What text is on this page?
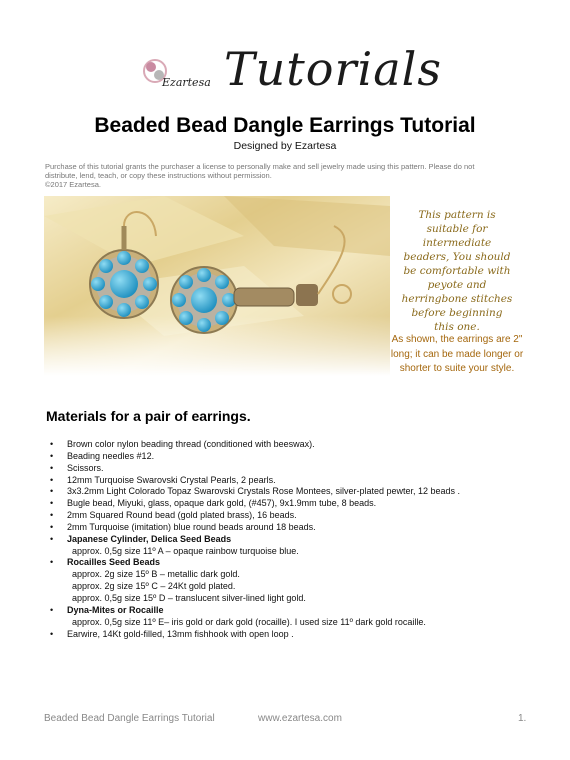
Ezartesa Tutorials
Beaded Bead Dangle Earrings Tutorial
Designed by Ezartesa
Purchase of this tutorial grants the purchaser a license to personally make and sell jewelry made using this pattern. Please do not
distribute, lend, teach, or copy these instructions without permission.
©2017 Ezartesa.
This pattern is
suitable for
intermediate
beaders, You should
be comfortable with
peyote and
herringbone stitches
before beginning
this one.
As shown, the earrings are 2"
long; it can be made longer or
shorter to suite your style.
Materials for a pair of earrings.
• Brown color nylon beading thread (conditioned with beeswax).
• Beading needles #12.
• Scissors.
• 12mm Turquoise Swarovski Crystal Pearls, 2 pearls.
• 3x3.2mm Light Colorado Topaz Swarovski Crystals Rose Montees, silver-plated pewter, 12 beads .
• Bugle bead, Miyuki, glass, opaque dark gold, (#457), 9x1.9mm tube, 8 beads.
• 2mm Squared Round bead (gold plated brass), 16 beads.
• 2mm Turquoise (imitation) blue round beads around 18 beads.
• Japanese Cylinder, Delica Seed Beads
approx. 0,5g size 11º A – opaque rainbow turquoise blue.
• Rocailles Seed Beads
approx. 2g size 15º B – metallic dark gold.
approx. 2g size 15º C – 24Kt gold plated.
approx. 0,5g size 15º D – translucent silver-lined light gold.
• Dyna-Mites or Rocaille
approx. 0,5g size 11º E– iris gold or dark gold (rocaille). I used size 11º dark gold rocaille.
• Earwire, 14Kt gold-filled, 13mm fishhook with open loop .
Beaded Bead Dangle Earrings Tutorial	www.ezartesa.com	1.
